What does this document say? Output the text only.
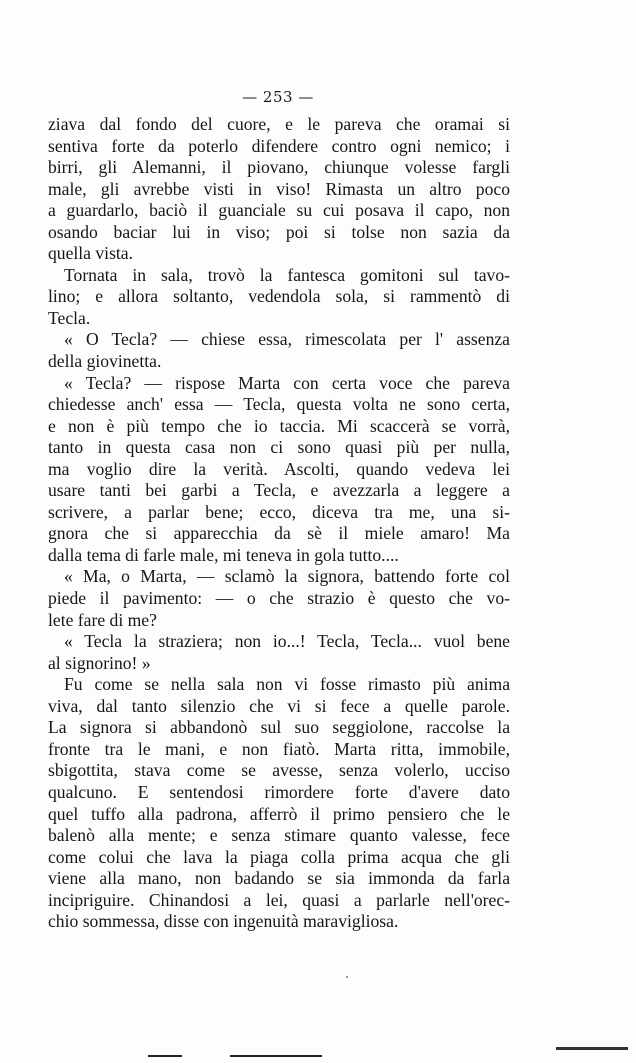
— 253 —
ziava dal fondo del cuore, e le pareva che oramai si
sentiva forte da poterlo difendere contro ogni nemico; i
birri, gli Alemanni, il piovano, chiunque volesse fargli
male, gli avrebbe visti in viso! Rimasta un altro poco
a guardarlo, baciò il guanciale su cui posava il capo, non
osando baciar lui in viso; poi si tolse non sazia da
quella vista.
Tornata in sala, trovò la fantesca gomitoni sul tavo-
lino; e allora soltanto, vedendola sola, si rammentò di
Tecla.
« O Tecla? — chiese essa, rimescolata per l' assenza
della giovinetta.
« Tecla? — rispose Marta con certa voce che pareva
chiedesse anch' essa — Tecla, questa volta ne sono certa,
e non è più tempo che io taccia. Mi scaccerà se vorrà,
tanto in questa casa non ci sono quasi più per nulla,
ma voglio dire la verità. Ascolti, quando vedeva lei
usare tanti bei garbi a Tecla, e avezzarla a leggere a
scrivere, a parlar bene; ecco, diceva tra me, una si-
gnora che si apparecchia da sè il miele amaro! Ma
dalla tema di farle male, mi teneva in gola tutto....
« Ma, o Marta, — sclamò la signora, battendo forte col
piede il pavimento: — o che strazio è questo che vo-
lete fare di me?
« Tecla la straziera; non io...! Tecla, Tecla... vuol bene
al signorino! »
Fu come se nella sala non vi fosse rimasto più anima
viva, dal tanto silenzio che vi si fece a quelle parole.
La signora si abbandonò sul suo seggiolone, raccolse la
fronte tra le mani, e non fiatò. Marta ritta, immobile,
sbigottita, stava come se avesse, senza volerlo, ucciso
qualcuno. E sentendosi rimordere forte d'avere dato
quel tuffo alla padrona, afferrò il primo pensiero che le
balenò alla mente; e senza stimare quanto valesse, fece
come colui che lava la piaga colla prima acqua che gli
viene alla mano, non badando se sia immonda da farla
incipriguire. Chinandosi a lei, quasi a parlarle nell'orec-
chio sommessa, disse con ingenuità maravigliosa.
